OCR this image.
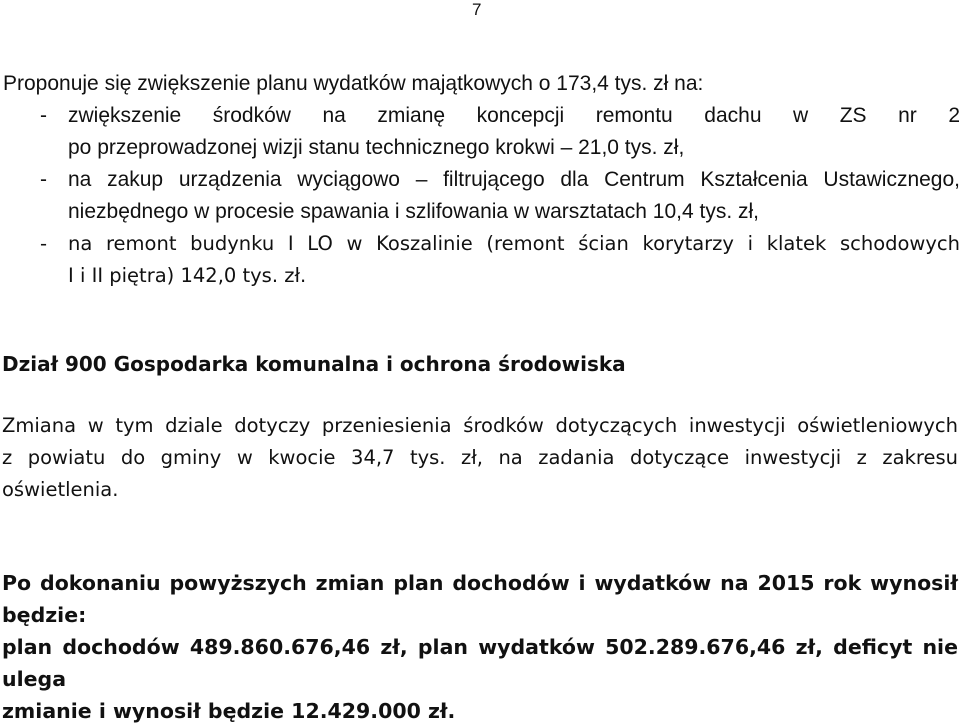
7

Proponuje się zwiększenie planu wydatków majątkowych o 173,4 tys. zł na:

- zwiększenie środków na zmianę koncepcji remontu dachu w ZS nr 2
po przeprowadzonej wizji stanu technicznego krokwi – 21,0 tys. zł,
- na zakup urządzenia wyciągowo – filtrującego dla Centrum Kształcenia Ustawicznego,
niezbędnego w procesie spawania i szlifowania w warsztatach 10,4 tys. zł,
- na remont budynku I LO w Koszalinie (remont ścian korytarzy i klatek schodowych
I i II piętra) 142,0 tys. zł.

Dział 900 Gospodarka komunalna i ochrona środowiska

Zmiana w tym dziale dotyczy przeniesienia środków dotyczących inwestycji oświetleniowych
z powiatu do gminy w kwocie 34,7 tys. zł, na zadania dotyczące inwestycji z zakresu
oświetlenia.

Po dokonaniu powyższych zmian plan dochodów i wydatków na 2015 rok wynosił będzie:
plan dochodów 489.860.676,46 zł, plan wydatków 502.289.676,46 zł, deficyt nie ulega
zmianie i wynosił będzie 12.429.000 zł.
